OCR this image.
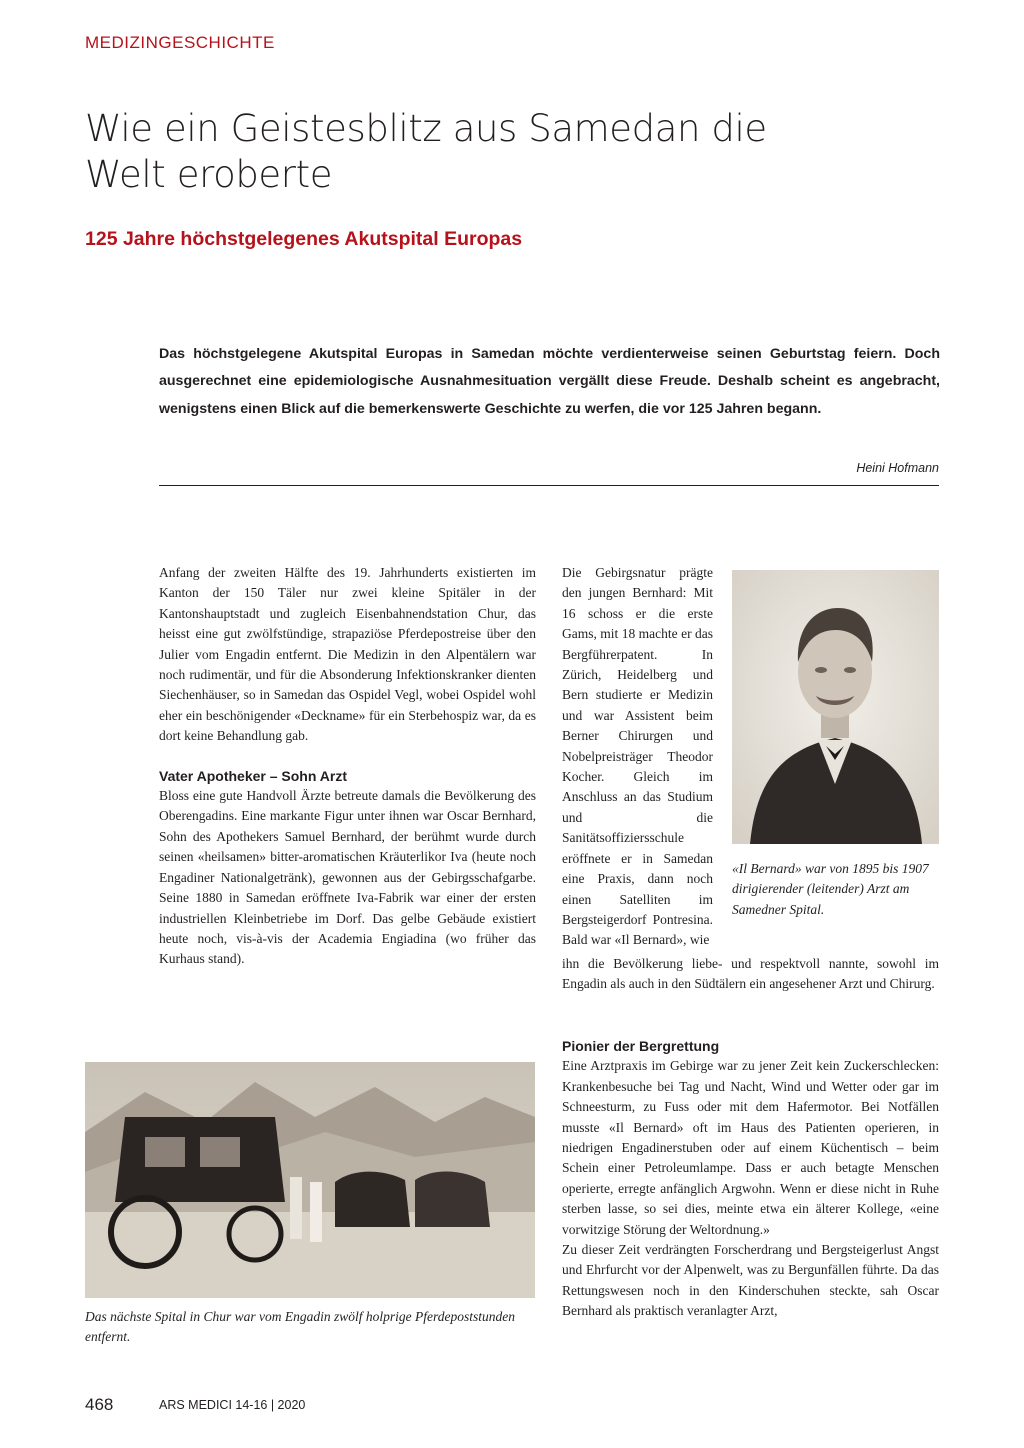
MEDIZINGESCHICHTE
Wie ein Geistesblitz aus Samedan die Welt eroberte
125 Jahre höchstgelegenes Akutspital Europas
Das höchstgelegene Akutspital Europas in Samedan möchte verdienterweise seinen Geburtstag feiern. Doch ausgerechnet eine epidemiologische Ausnahmesituation vergällt diese Freude. Deshalb scheint es angebracht, wenigstens einen Blick auf die bemerkenswerte Geschichte zu werfen, die vor 125 Jahren begann.
Heini Hofmann

Anfang der zweiten Hälfte des 19. Jahrhunderts existierten im Kanton der 150 Täler nur zwei kleine Spitäler in der Kantonshauptstadt und zugleich Eisenbahnendstation Chur, das heisst eine gut zwölfstündige, strapaziöse Pferdepostreise über den Julier vom Engadin entfernt. Die Medizin in den Alpentälern war noch rudimentär, und für die Absonderung Infektionskranker dienten Siechenhäuser, so in Samedan das Ospidel Vegl, wobei Ospidel wohl eher ein beschönigender «Deckname» für ein Sterbehospiz war, da es dort keine Behandlung gab.

Vater Apotheker – Sohn Arzt

Bloss eine gute Handvoll Ärzte betreute damals die Bevölkerung des Oberengadins. Eine markante Figur unter ihnen war Oscar Bernhard, Sohn des Apothekers Samuel Bernhard, der berühmt wurde durch seinen «heilsamen» bitter-aromatischen Kräuterlikor Iva (heute noch Engadiner Nationalgetränk), gewonnen aus der Gebirgsschafgarbe. Seine 1880 in Samedan eröffnete Iva-Fabrik war einer der ersten industriellen Kleinbetriebe im Dorf. Das gelbe Gebäude existiert heute noch, vis-à-vis der Academia Engiadina (wo früher das Kurhaus stand).

Die Gebirgsnatur prägte den jungen Bernhard: Mit 16 schoss er die erste Gams, mit 18 machte er das Bergführerpatent. In Zürich, Heidelberg und Bern studierte er Medizin und war Assistent beim Berner Chirurgen und Nobelpreisträger Theodor Kocher. Gleich im Anschluss an das Studium und die Sanitätsoffiziersschule eröffnete er in Samedan eine Praxis, dann noch einen Satelliten im Bergsteigerdorf Pontresina. Bald war «Il Bernard», wie

ihn die Bevölkerung liebe- und respektvoll nannte, sowohl im Engadin als auch in den Südtälern ein angesehener Arzt und Chirurg.

Pionier der Bergrettung

Eine Arztpraxis im Gebirge war zu jener Zeit kein Zuckerschlecken: Krankenbesuche bei Tag und Nacht, Wind und Wetter oder gar im Schneesturm, zu Fuss oder mit dem Hafermotor. Bei Notfällen musste «Il Bernard» oft im Haus des Patienten operieren, in niedrigen Engadinerstuben oder auf einem Küchentisch – beim Schein einer Petroleumlampe. Dass er auch betagte Menschen operierte, erregte anfänglich Argwohn. Wenn er diese nicht in Ruhe sterben lasse, so sei dies, meinte etwa ein älterer Kollege, «eine vorwitzige Störung der Weltordnung.»

Zu dieser Zeit verdrängten Forscherdrang und Bergsteigerlust Angst und Ehrfurcht vor der Alpenwelt, was zu Bergunfällen führte. Da das Rettungswesen noch in den Kinderschuhen steckte, sah Oscar Bernhard als praktisch veranlagter Arzt,

«Il Bernard» war von 1895 bis 1907 dirigierender (leitender) Arzt am Samedner Spital.
Das nächste Spital in Chur war vom Engadin zwölf holprige Pferdepoststunden entfernt.
468	ARS MEDICI 14-16 | 2020
